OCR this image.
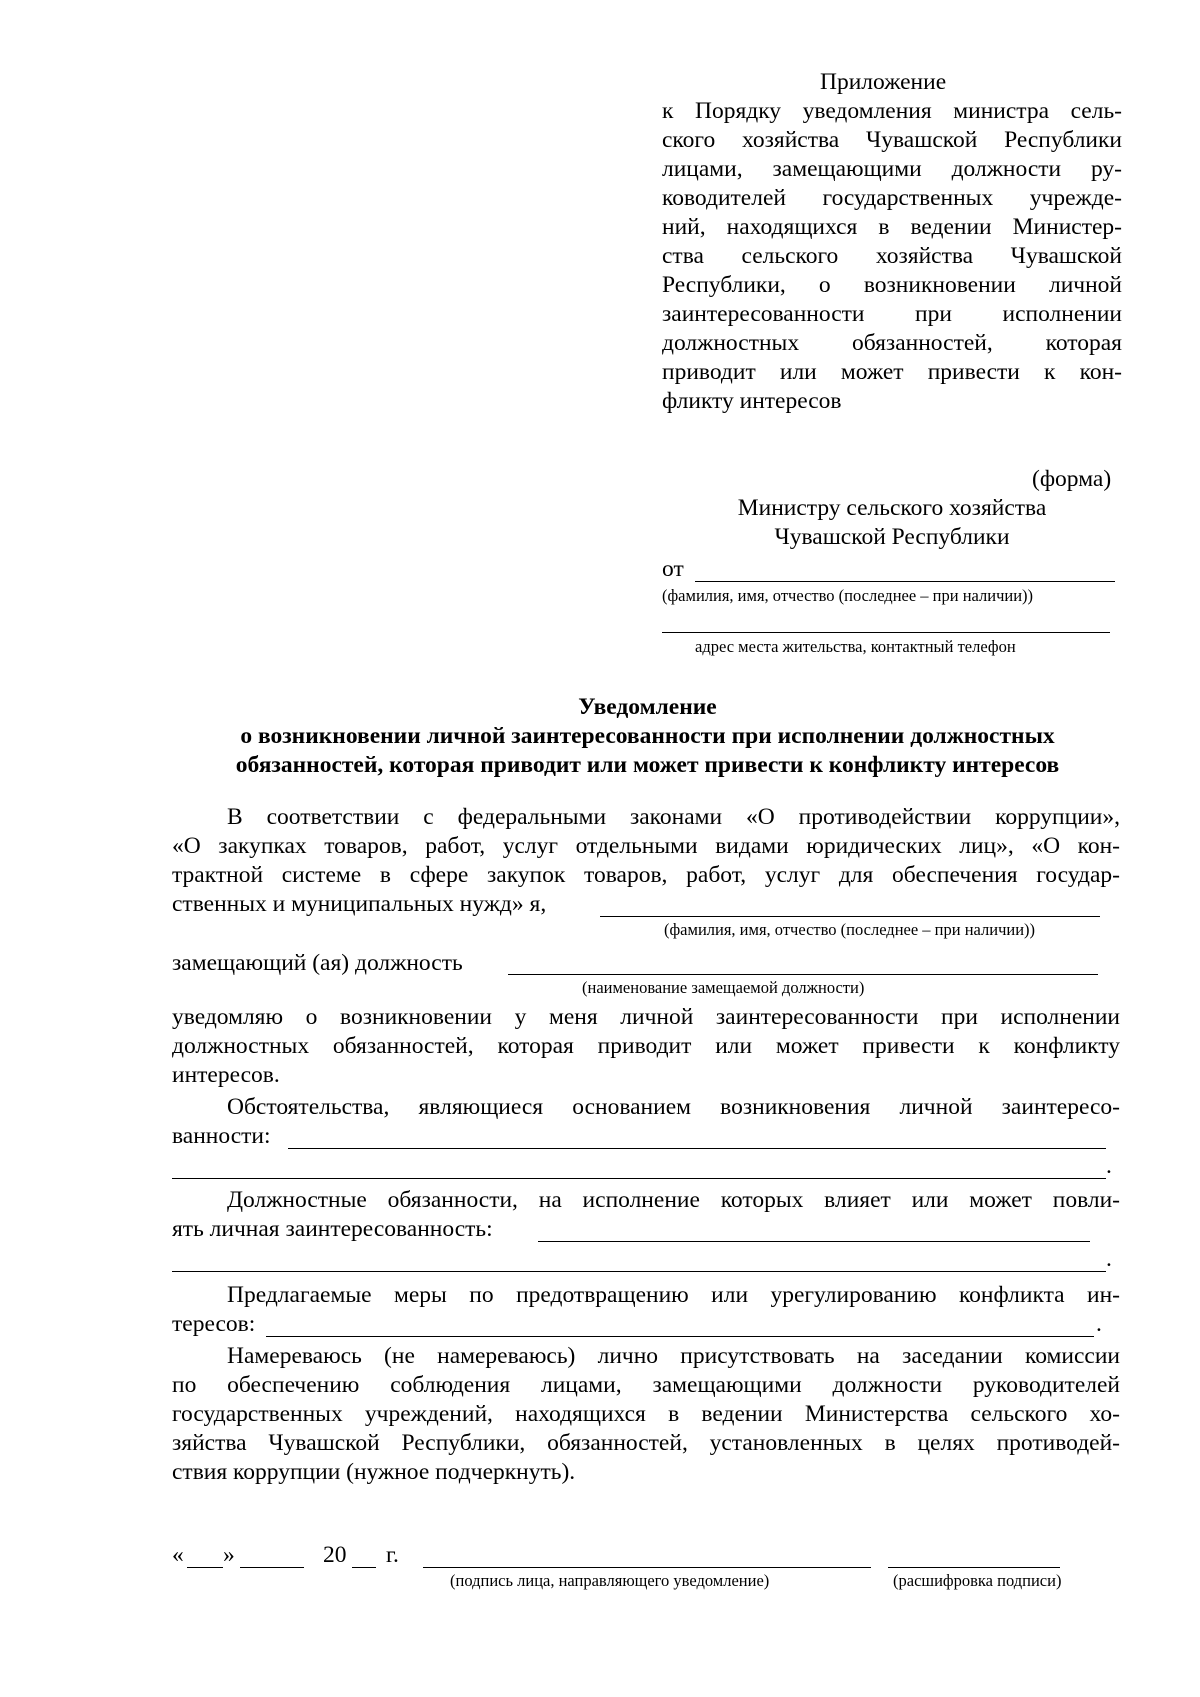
Приложение
к Порядку уведомления министра сель-
ского хозяйства Чувашской Республики
лицами, замещающими должности ру-
ководителей государственных учрежде-
ний, находящихся в ведении Министер-
ства сельского хозяйства Чувашской
Республики, о возникновении личной
заинтересованности при исполнении
должностных обязанностей, которая
приводит или может привести к кон-
фликту интересов
(форма)
Министру сельского хозяйства
Чувашской Республики
от
(фамилия, имя, отчество (последнее – при наличии))
адрес места жительства, контактный телефон
Уведомление
о возникновении личной заинтересованности при исполнении должностных
обязанностей, которая приводит или может привести к конфликту интересов
В соответствии с федеральными законами «О противодействии коррупции»,
«О закупках товаров, работ, услуг отдельными видами юридических лиц», «О кон-
трактной системе в сфере закупок товаров, работ, услуг для обеспечения государ-
ственных и муниципальных нужд» я,
(фамилия, имя, отчество (последнее – при наличии))
замещающий (ая) должность
(наименование замещаемой должности)
уведомляю о возникновении у меня личной заинтересованности при исполнении
должностных обязанностей, которая приводит или может привести к конфликту
интересов.
Обстоятельства, являющиеся основанием возникновения личной заинтересо-
ванности:
.
Должностные обязанности, на исполнение которых влияет или может повли-
ять личная заинтересованность:
.
Предлагаемые меры по предотвращению или урегулированию конфликта ин-
тересов:	.
Намереваюсь (не намереваюсь) лично присутствовать на заседании комиссии
по обеспечению соблюдения лицами, замещающими должности руководителей
государственных учреждений, находящихся в ведении Министерства сельского хо-
зяйства Чувашской Республики, обязанностей, установленных в целях противодей-
ствия коррупции (нужное подчеркнуть).
« »	20 г.
(подпись лица, направляющего уведомление)	(расшифровка подписи)
